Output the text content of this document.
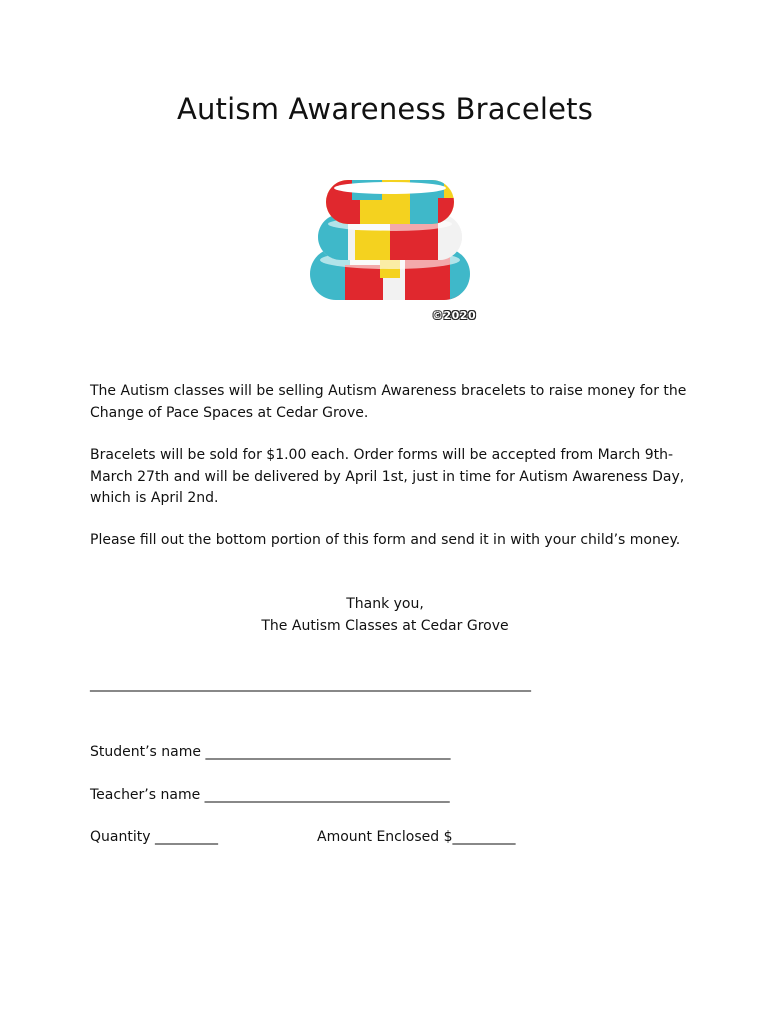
Autism Awareness Bracelets
©2020

The Autism classes will be selling Autism Awareness bracelets to raise money for the Change of Pace Spaces at Cedar Grove.

Bracelets will be sold for $1.00 each. Order forms will be accepted from March 9th-March 27th and will be delivered by April 1st, just in time for Autism Awareness Day, which is April 2nd.

Please fill out the bottom portion of this form and send it in with your child’s money.

Thank you,
The Autism Classes at Cedar Grove
_______________________________________________________________
Student’s name ___________________________________
Teacher’s name ___________________________________
Quantity _________	Amount Enclosed $_________
